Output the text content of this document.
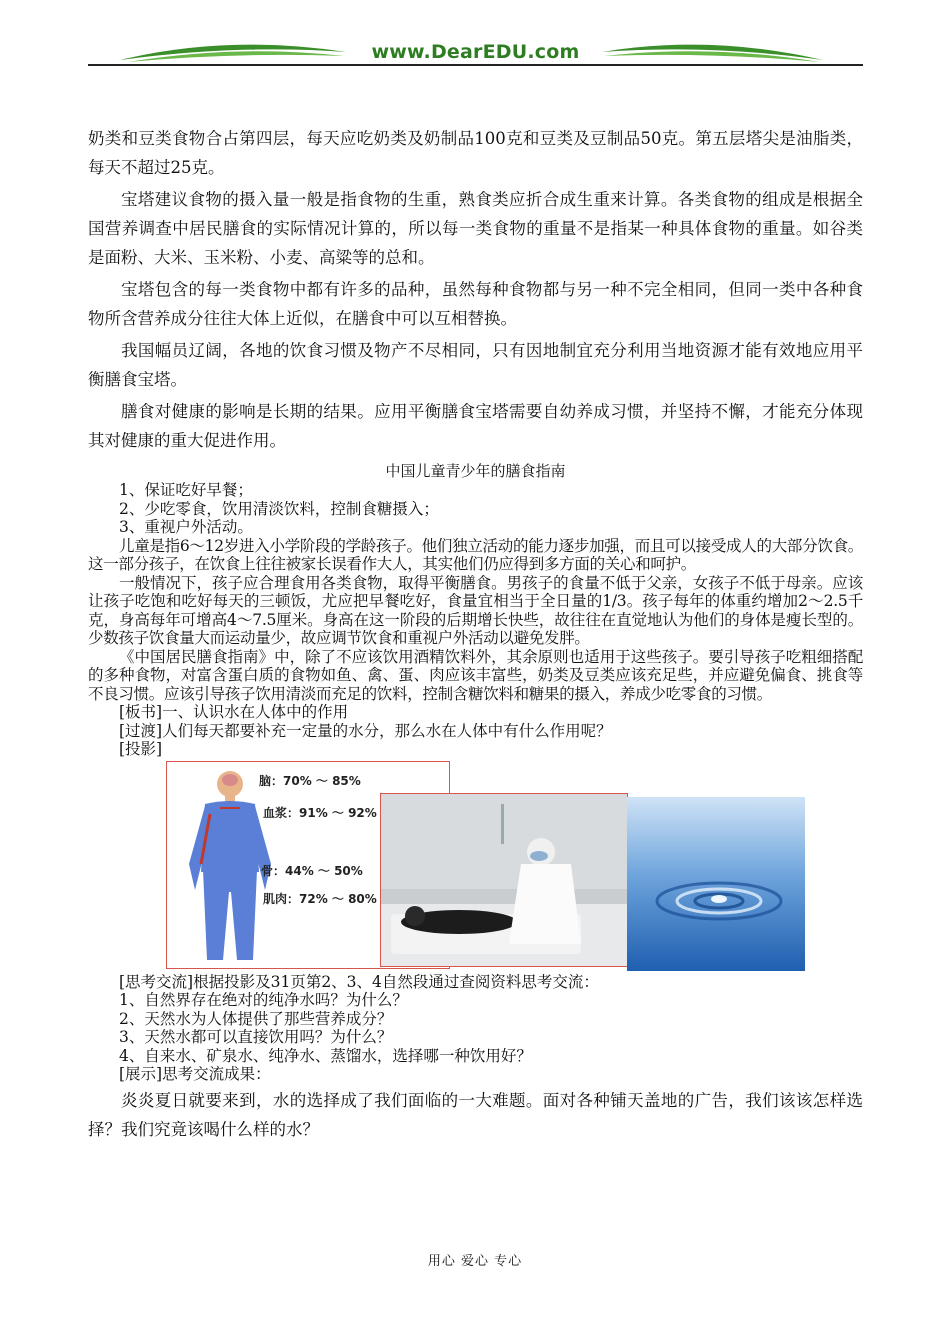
www.DearEDU.com

奶类和豆类食物合占第四层，每天应吃奶类及奶制品100克和豆类及豆制品50克。第五层塔尖是油脂类，每天不超过25克。

宝塔建议食物的摄入量一般是指食物的生重，熟食类应折合成生重来计算。各类食物的组成是根据全国营养调查中居民膳食的实际情况计算的，所以每一类食物的重量不是指某一种具体食物的重量。如谷类是面粉、大米、玉米粉、小麦、高粱等的总和。

宝塔包含的每一类食物中都有许多的品种，虽然每种食物都与另一种不完全相同，但同一类中各种食物所含营养成分往往大体上近似，在膳食中可以互相替换。

我国幅员辽阔，各地的饮食习惯及物产不尽相同，只有因地制宜充分利用当地资源才能有效地应用平衡膳食宝塔。

膳食对健康的影响是长期的结果。应用平衡膳食宝塔需要自幼养成习惯，并坚持不懈，才能充分体现其对健康的重大促进作用。

中国儿童青少年的膳食指南

1、保证吃好早餐；

2、少吃零食，饮用清淡饮料，控制食糖摄入；

3、重视户外活动。

儿童是指6～12岁进入小学阶段的学龄孩子。他们独立活动的能力逐步加强，而且可以接受成人的大部分饮食。这一部分孩子，在饮食上往往被家长误看作大人，其实他们仍应得到多方面的关心和呵护。

一般情况下，孩子应合理食用各类食物，取得平衡膳食。男孩子的食量不低于父亲，女孩子不低于母亲。应该让孩子吃饱和吃好每天的三顿饭，尤应把早餐吃好，食量宜相当于全日量的1/3。孩子每年的体重约增加2～2.5千克，身高每年可增高4～7.5厘米。身高在这一阶段的后期增长快些，故往往在直觉地认为他们的身体是瘦长型的。少数孩子饮食量大而运动量少，故应调节饮食和重视户外活动以避免发胖。

《中国居民膳食指南》中，除了不应该饮用酒精饮料外，其余原则也适用于这些孩子。要引导孩子吃粗细搭配的多种食物，对富含蛋白质的食物如鱼、禽、蛋、肉应该丰富些，奶类及豆类应该充足些，并应避免偏食、挑食等不良习惯。应该引导孩子饮用清淡而充足的饮料，控制含糖饮料和糖果的摄入，养成少吃零食的习惯。

[板书]一、认识水在人体中的作用

[过渡]人们每天都要补充一定量的水分，那么水在人体中有什么作用呢？

[投影]

脑：70% ～ 85%
血浆：91% ～ 92%
骨：44% ～ 50%
肌肉：72% ～ 80%

[思考交流]根据投影及31页第2、3、4自然段通过查阅资料思考交流：

1、自然界存在绝对的纯净水吗？为什么？

2、天然水为人体提供了那些营养成分？

3、天然水都可以直接饮用吗？为什么？

4、自来水、矿泉水、纯净水、蒸馏水，选择哪一种饮用好？

[展示]思考交流成果：

炎炎夏日就要来到，水的选择成了我们面临的一大难题。面对各种铺天盖地的广告，我们该该怎样选择？我们究竟该喝什么样的水？

用心 爱心 专心
